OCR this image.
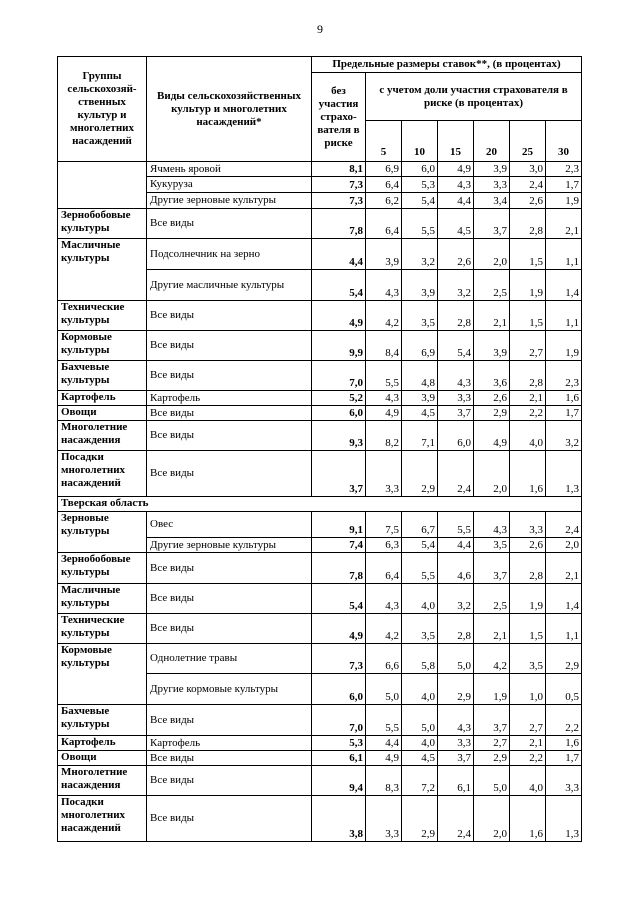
9
Группы сельскохозяй-ственных культур и многолетних насаждений	Виды сельскохозяйственных культур и многолетних насаждений*	Предельные размеры ставок**, (в процентах)						
		без участия страхо-вателя в риске	с учетом доли участия страхователя в риске (в процентах)					
			5	10	15	20	25	30
	Ячмень яровой	8,1	6,9	6,0	4,9	3,9	3,0	2,3
	Кукуруза	7,3	6,4	5,3	4,3	3,3	2,4	1,7
	Другие зерновые культуры	7,3	6,2	5,4	4,4	3,4	2,6	1,9
Зернобобовые культуры	Все виды	7,8	6,4	5,5	4,5	3,7	2,8	2,1
Масличные культуры	Подсолнечник на зерно	4,4	3,9	3,2	2,6	2,0	1,5	1,1
	Другие масличные культуры	5,4	4,3	3,9	3,2	2,5	1,9	1,4
Технические культуры	Все виды	4,9	4,2	3,5	2,8	2,1	1,5	1,1
Кормовые культуры	Все виды	9,9	8,4	6,9	5,4	3,9	2,7	1,9
Бахчевые культуры	Все виды	7,0	5,5	4,8	4,3	3,6	2,8	2,3
Картофель	Картофель	5,2	4,3	3,9	3,3	2,6	2,1	1,6
Овощи	Все виды	6,0	4,9	4,5	3,7	2,9	2,2	1,7
Многолетние насаждения	Все виды	9,3	8,2	7,1	6,0	4,9	4,0	3,2
Посадки многолетних насаждений	Все виды	3,7	3,3	2,9	2,4	2,0	1,6	1,3
Тверская область								
Зерновые культуры	Овес	9,1	7,5	6,7	5,5	4,3	3,3	2,4
	Другие зерновые культуры	7,4	6,3	5,4	4,4	3,5	2,6	2,0
Зернобобовые культуры	Все виды	7,8	6,4	5,5	4,6	3,7	2,8	2,1
Масличные культуры	Все виды	5,4	4,3	4,0	3,2	2,5	1,9	1,4
Технические культуры	Все виды	4,9	4,2	3,5	2,8	2,1	1,5	1,1
Кормовые культуры	Однолетние травы	7,3	6,6	5,8	5,0	4,2	3,5	2,9
	Другие кормовые культуры	6,0	5,0	4,0	2,9	1,9	1,0	0,5
Бахчевые культуры	Все виды	7,0	5,5	5,0	4,3	3,7	2,7	2,2
Картофель	Картофель	5,3	4,4	4,0	3,3	2,7	2,1	1,6
Овощи	Все виды	6,1	4,9	4,5	3,7	2,9	2,2	1,7
Многолетние насаждения	Все виды	9,4	8,3	7,2	6,1	5,0	4,0	3,3
Посадки многолетних насаждений	Все виды	3,8	3,3	2,9	2,4	2,0	1,6	1,3
